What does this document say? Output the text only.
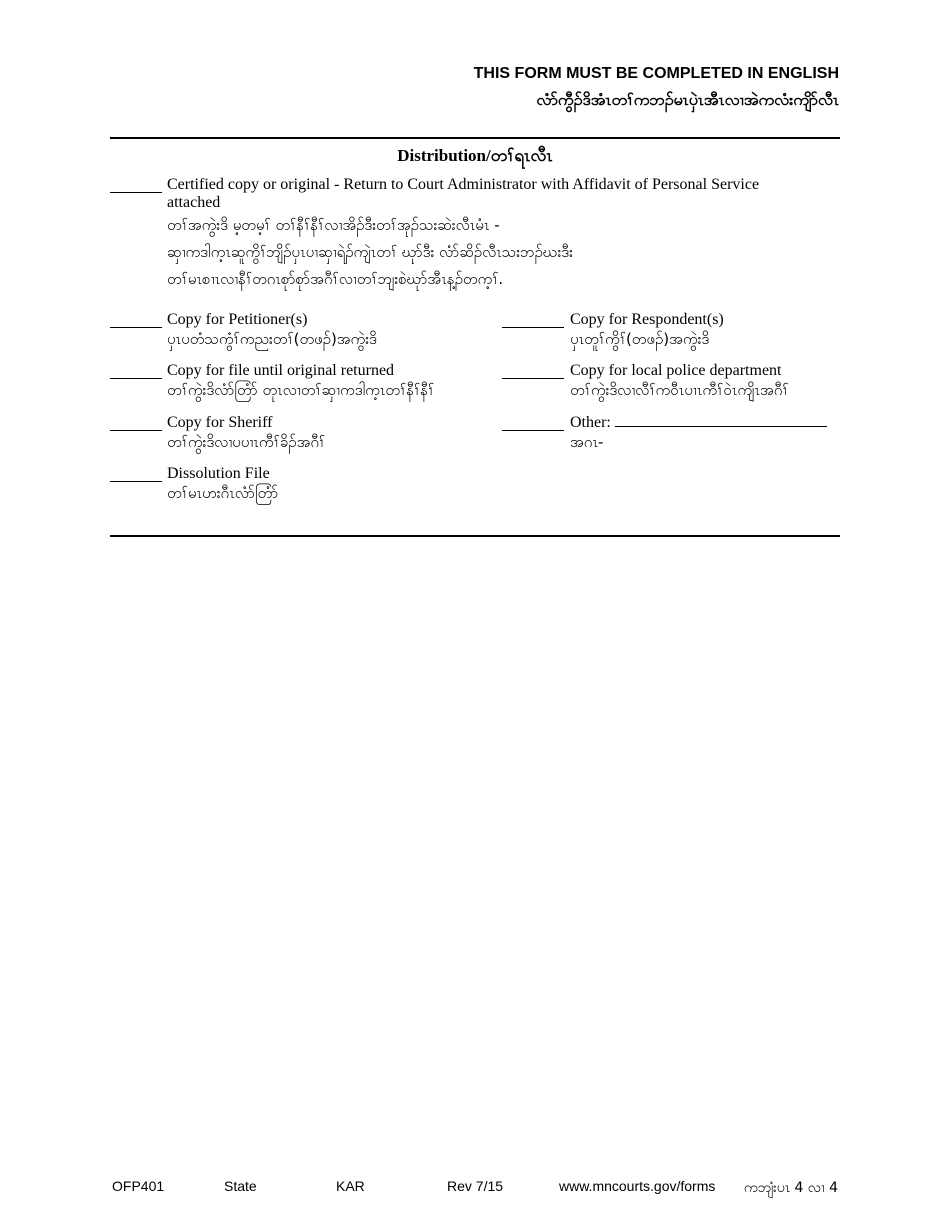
THIS FORM MUST BE COMPLETED IN ENGLISH
လံာ်ကွီၣ်ဒိအံၤတၢ်ကဘၣ်မၤပှဲၤအီၤလၢအဲကလံးကျိာ်လီၤ
Distribution/တၢ်ရၤလီၤ
Certified copy or original - Return to Court Administrator with Affidavit of Personal Service
attached
တၢ်အကွဲးဒိ မ့တမ့ၢ် တၢ်နီၢ်နီၢ်လၢအိၣ်ဒီးတၢ်အုၣ်သးဆဲးလီၤမံၤ -
ဆှၢကဒါက့ၤဆူကွိၢ်ဘျိၣ်ပှၤပၢဆှၢရဲၣ်ကျဲၤတၢ် ဃုာ်ဒီး လံာ်ဆိၣ်လီၤသးဘၣ်ဃးဒီး
တၢ်မၤစၢၤလၢနီၢ်တဂၤစုာ်စုာ်အဂီၢ်လၢတၢ်ဘျးစဲဃုာ်အီၤန့ၣ်တက့ၢ်.
Copy for Petitioner(s)
ပှၤပတံသကွံၢ်ကညးတၢ်(တဖၣ်)အကွဲးဒိ
Copy for Respondent(s)
ပှၤတူၢ်ကွိၢ်(တဖၣ်)အကွဲးဒိ
Copy for file until original returned
တၢ်ကွဲးဒိလံာ်တြံာ် တုၤလၢတၢ်ဆှၢကဒါက့ၤတၢ်နီၢ်နီၢ်
Copy for local police department
တၢ်ကွဲးဒိလၢလီၢ်ကဝီၤပၢၤကီၢ်ဝဲၤကျိၤအဂီၢ်
Copy for Sheriff
တၢ်ကွဲးဒိလၢပပၢၤကီၢ်ခိၣ်အဂီၢ်
Other:
အဂၤ-
Dissolution File
တၢ်မၤဟးဂီၤလံာ်တြံာ်
OFP401	State	KAR	Rev 7/15	www.mncourts.gov/forms ကဘျံးပၤ 4 လၢ 4
